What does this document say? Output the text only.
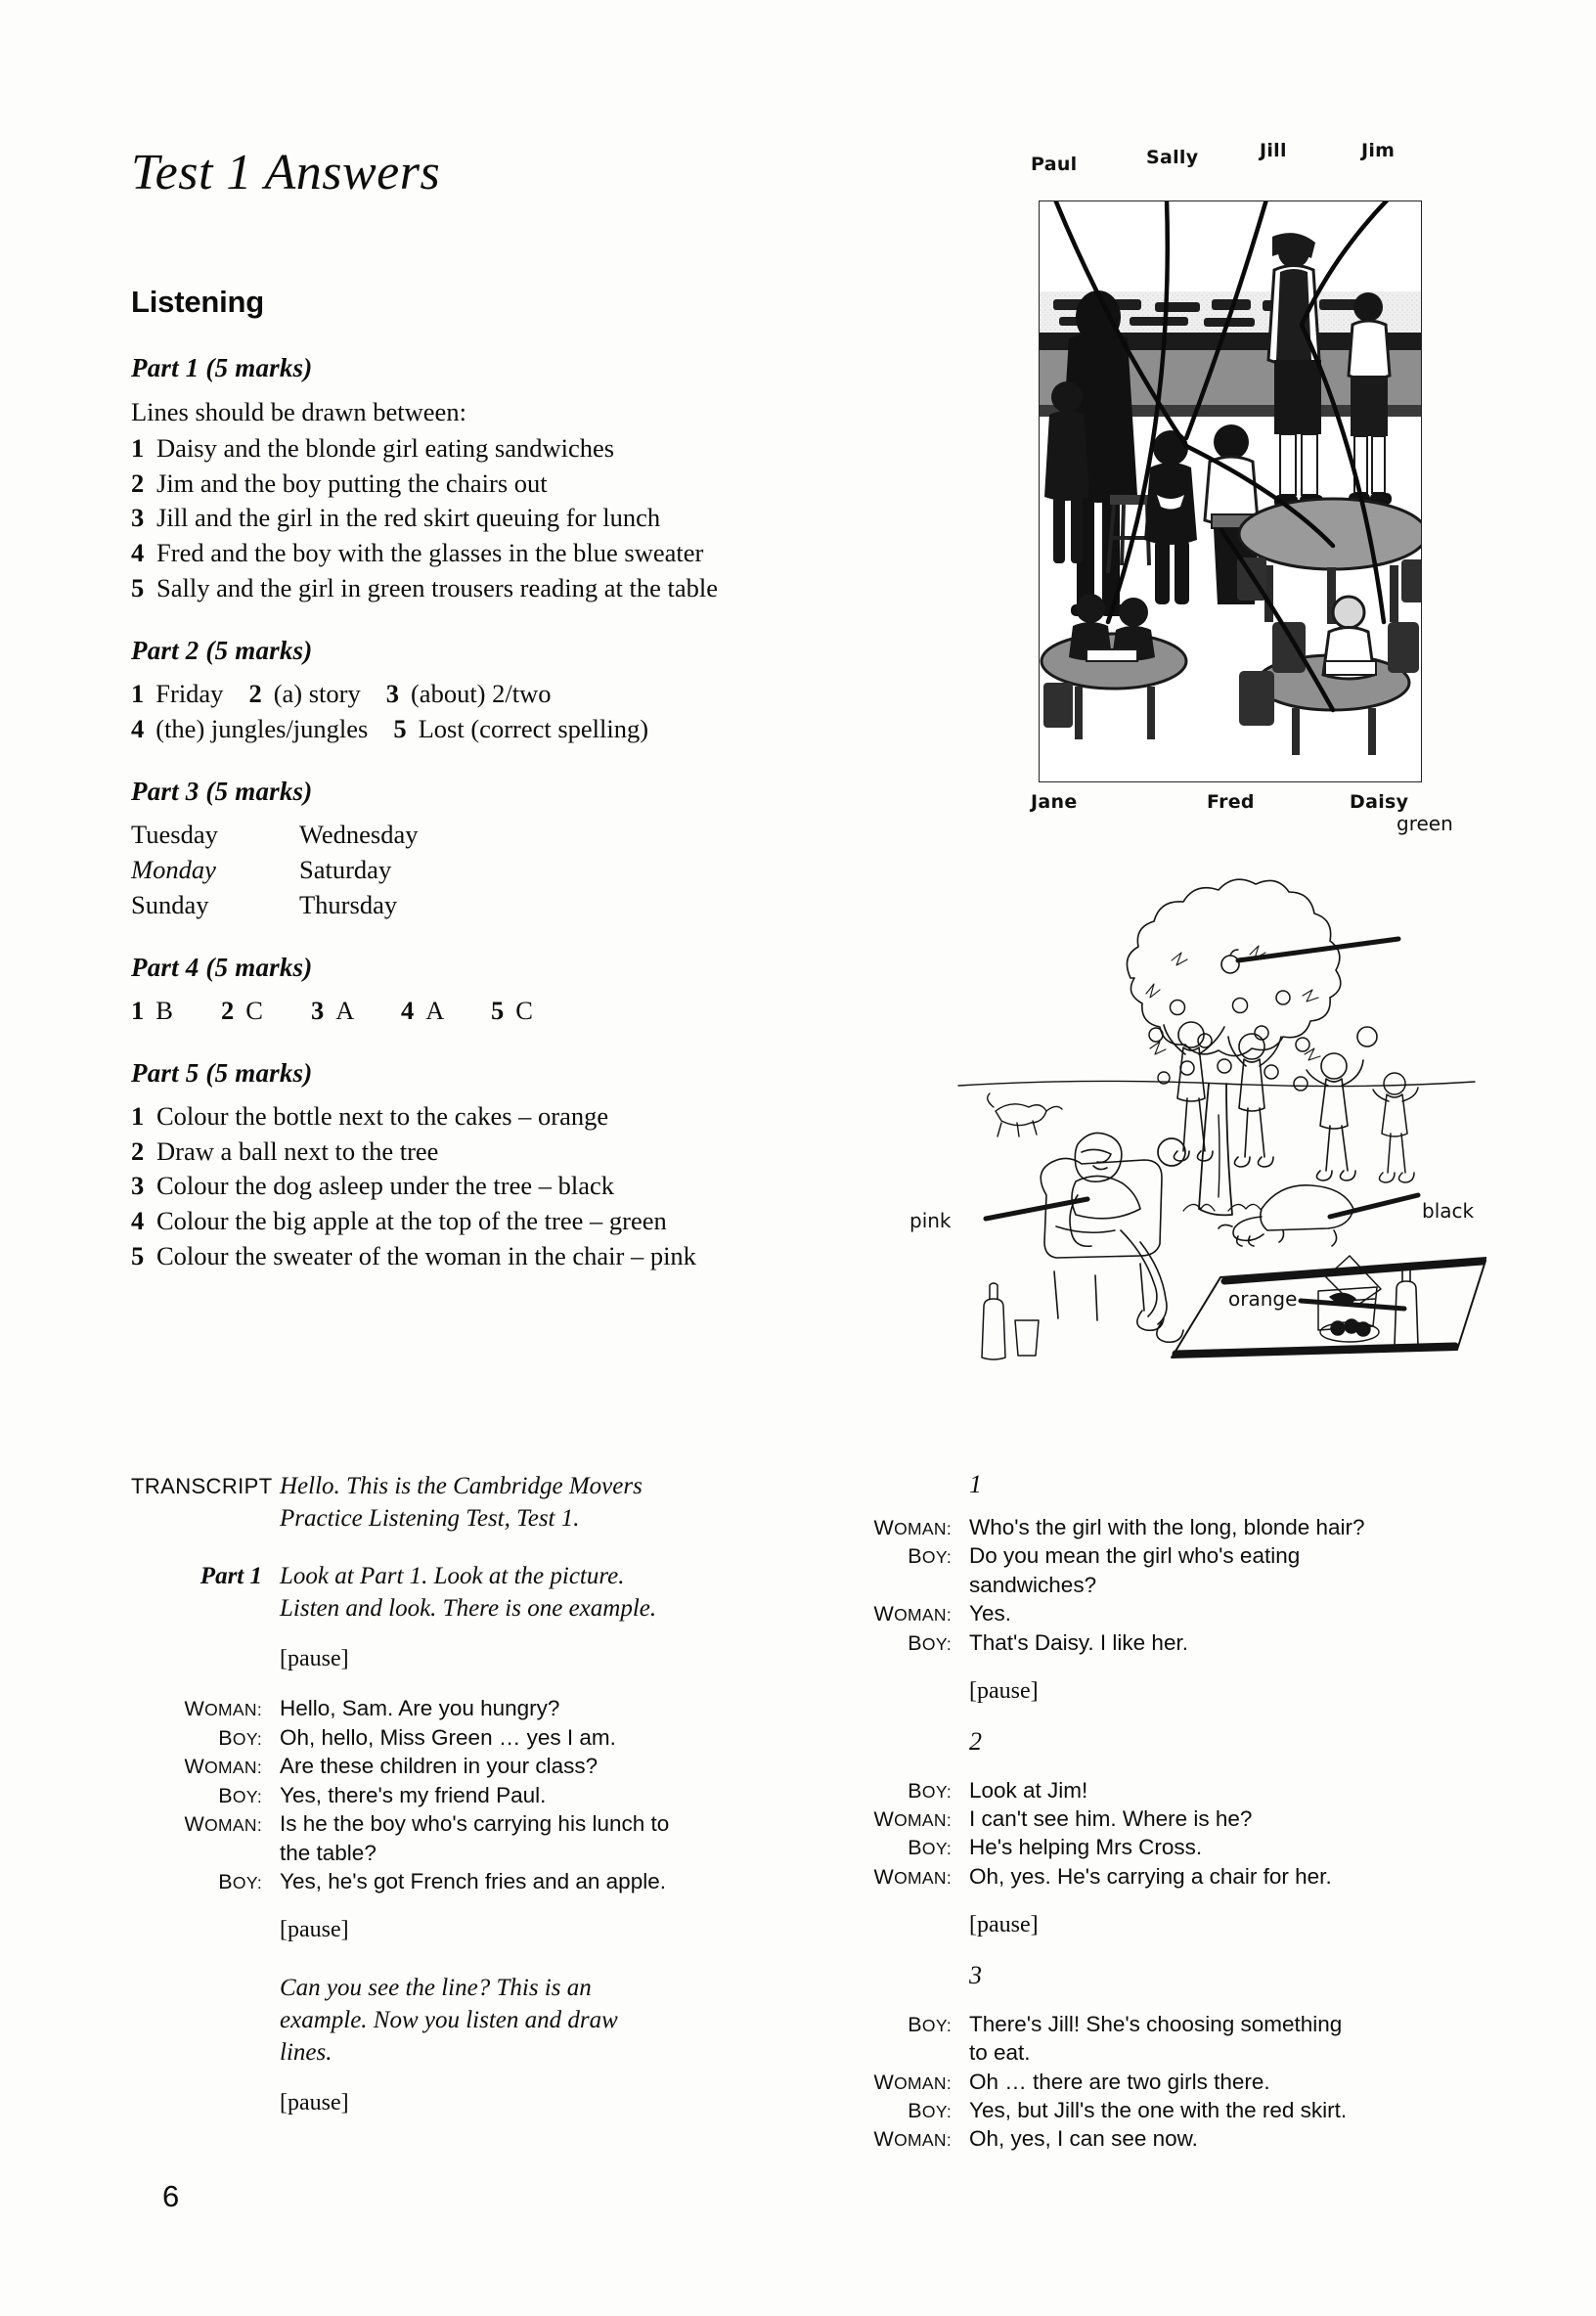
Test 1 Answers
Listening
Part 1 (5 marks)

Lines should be drawn between:

1 Daisy and the blonde girl eating sandwiches
2 Jim and the boy putting the chairs out
3 Jill and the girl in the red skirt queuing for lunch
4 Fred and the boy with the glasses in the blue sweater
5 Sally and the girl in green trousers reading at the table
Part 2 (5 marks)

1 Friday 2 (a) story 3 (about) 2/two

4 (the) jungles/jungles 5 Lost (correct spelling)

Part 3 (5 marks)
Tuesday	Wednesday
Monday	Saturday
Sunday	Thursday
Part 4 (5 marks)
1 B	2 C	3 A	4 A	5 C
Part 5 (5 marks)
1 Colour the bottle next to the cakes – orange
2 Draw a ball next to the tree
3 Colour the dog asleep under the tree – black
4 Colour the big apple at the top of the tree – green
5 Colour the sweater of the woman in the chair – pink
TRANSCRIPT Hello. This is the Cambridge Movers
Practice Listening Test, Test 1.
Part 1 Look at Part 1. Look at the picture.
Listen and look. There is one example.
[pause]
WOMAN: Hello, Sam. Are you hungry?
BOY: Oh, hello, Miss Green … yes I am.
WOMAN: Are these children in your class?
BOY: Yes, there's my friend Paul.
WOMAN: Is he the boy who's carrying his lunch to
the table?
BOY: Yes, he's got French fries and an apple.
[pause]
Can you see the line? This is an
example. Now you listen and draw
lines.
[pause]
1
WOMAN: Who's the girl with the long, blonde hair?
BOY: Do you mean the girl who's eating
sandwiches?
WOMAN: Yes.
BOY: That's Daisy. I like her.
[pause]
2
BOY: Look at Jim!
WOMAN: I can't see him. Where is he?
BOY: He's helping Mrs Cross.
WOMAN: Oh, yes. He's carrying a chair for her.
[pause]
3
BOY: There's Jill! She's choosing something
to eat.
WOMAN: Oh … there are two girls there.
BOY: Yes, but Jill's the one with the red skirt.
WOMAN: Oh, yes, I can see now.
6
Paul	Sally	Jill	Jim
Jane	Fred	Daisy
green
pink	black
orange
